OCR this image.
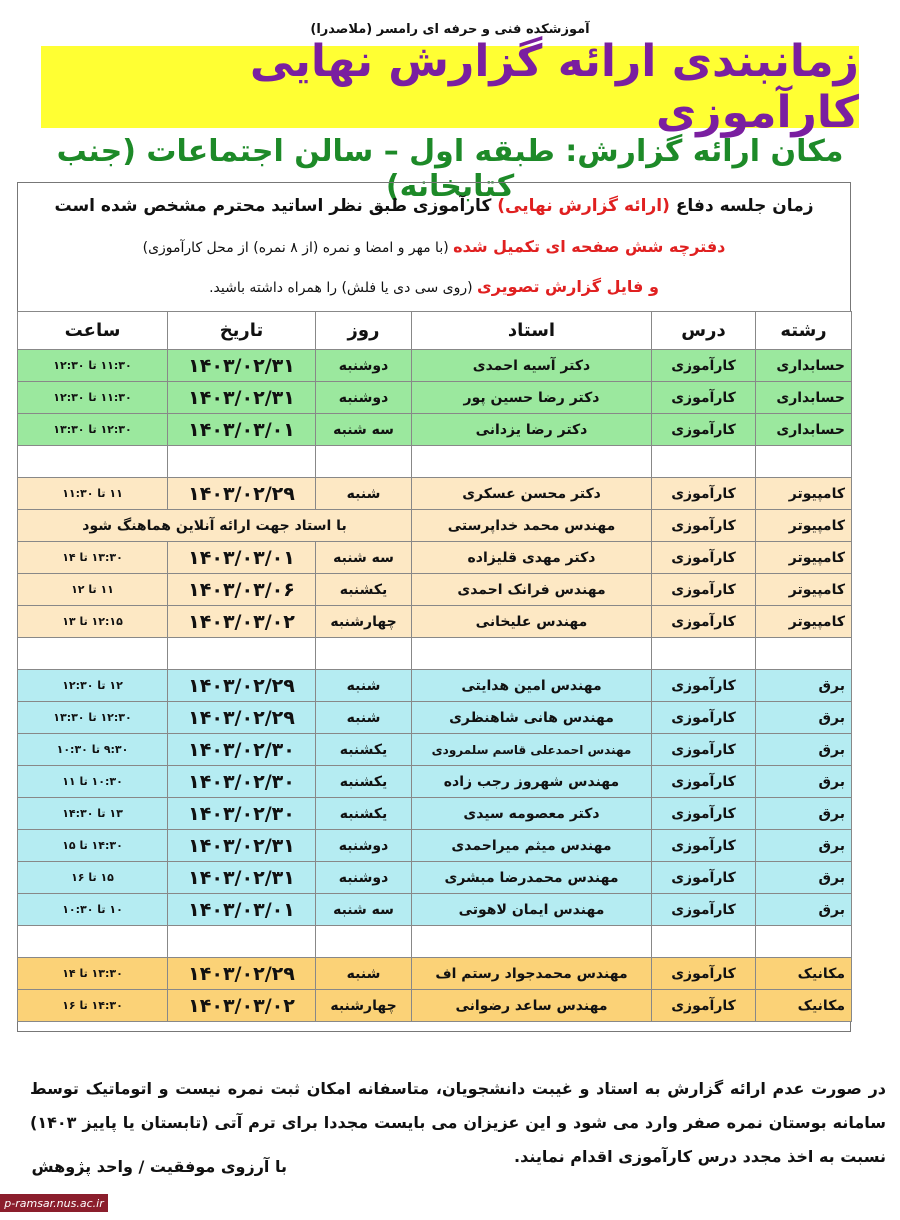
آموزشکده فنی و حرفه ای رامسر (ملاصدرا)
زمانبندی ارائه گزارش نهایی کارآموزی
مکان ارائه گزارش: طبقه اول – سالن اجتماعات (جنب کتابخانه)
زمان جلسه دفاع (ارائه گزارش نهایی) کارآموزی طبق نظر اساتید محترم مشخص شده است
دفترچه شش صفحه ای تکمیل شده (با مهر و امضا و نمره (از ۸ نمره) از محل کارآموزی)
و فایل گزارش تصویری (روی سی دی یا فلش) را همراه داشته باشید.
رشته	درس	استاد	روز	تاریخ	ساعت
حسابداری	کارآموزی	دکتر آسیه احمدی	دوشنبه	۱۴۰۳/۰۲/۳۱	۱۱:۳۰ تا ۱۲:۳۰
حسابداری	کارآموزی	دکتر رضا حسین پور	دوشنبه	۱۴۰۳/۰۲/۳۱	۱۱:۳۰ تا ۱۲:۳۰
حسابداری	کارآموزی	دکتر رضا یزدانی	سه شنبه	۱۴۰۳/۰۳/۰۱	۱۲:۳۰ تا ۱۳:۳۰

کامپیوتر	کارآموزی	دکتر محسن عسکری	شنبه	۱۴۰۳/۰۲/۲۹	۱۱ تا ۱۱:۳۰
کامپیوتر	کارآموزی	مهندس محمد خداپرستی	با استاد جهت ارائه آنلاین هماهنگ شود		
کامپیوتر	کارآموزی	دکتر مهدی قلیزاده	سه شنبه	۱۴۰۳/۰۳/۰۱	۱۳:۳۰ تا ۱۴
کامپیوتر	کارآموزی	مهندس فرانک احمدی	یکشنبه	۱۴۰۳/۰۳/۰۶	۱۱ تا ۱۲
کامپیوتر	کارآموزی	مهندس علیخانی	چهارشنبه	۱۴۰۳/۰۳/۰۲	۱۲:۱۵ تا ۱۳

برق	کارآموزی	مهندس امین هدایتی	شنبه	۱۴۰۳/۰۲/۲۹	۱۲ تا ۱۲:۳۰
برق	کارآموزی	مهندس هانی شاهنظری	شنبه	۱۴۰۳/۰۲/۲۹	۱۲:۳۰ تا ۱۳:۳۰
برق	کارآموزی	مهندس احمدعلی قاسم سلمرودی	یکشنبه	۱۴۰۳/۰۲/۳۰	۹:۳۰ تا ۱۰:۳۰
برق	کارآموزی	مهندس شهروز رجب زاده	یکشنبه	۱۴۰۳/۰۲/۳۰	۱۰:۳۰ تا ۱۱
برق	کارآموزی	دکتر معصومه سیدی	یکشنبه	۱۴۰۳/۰۲/۳۰	۱۳ تا ۱۴:۳۰
برق	کارآموزی	مهندس میثم میراحمدی	دوشنبه	۱۴۰۳/۰۲/۳۱	۱۴:۳۰ تا ۱۵
برق	کارآموزی	مهندس محمدرضا مبشری	دوشنبه	۱۴۰۳/۰۲/۳۱	۱۵ تا ۱۶
برق	کارآموزی	مهندس ایمان لاهوتی	سه شنبه	۱۴۰۳/۰۳/۰۱	۱۰ تا ۱۰:۳۰

مکانیک	کارآموزی	مهندس محمدجواد رستم اف	شنبه	۱۴۰۳/۰۲/۲۹	۱۳:۳۰ تا ۱۴
مکانیک	کارآموزی	مهندس ساعد رضوانی	چهارشنبه	۱۴۰۳/۰۳/۰۲	۱۴:۳۰ تا ۱۶
در صورت عدم ارائه گزارش به استاد و غیبت دانشجویان، متاسفانه امکان ثبت نمره نیست و اتوماتیک توسط سامانه بوستان نمره صفر وارد می شود و این عزیزان می بایست مجددا برای ترم آتی (تابستان یا پاییز ۱۴۰۳) نسبت به اخذ مجدد درس کارآموزی اقدام نمایند.
با آرزوی موفقیت / واحد پژوهش
p-ramsar.nus.ac.ir
